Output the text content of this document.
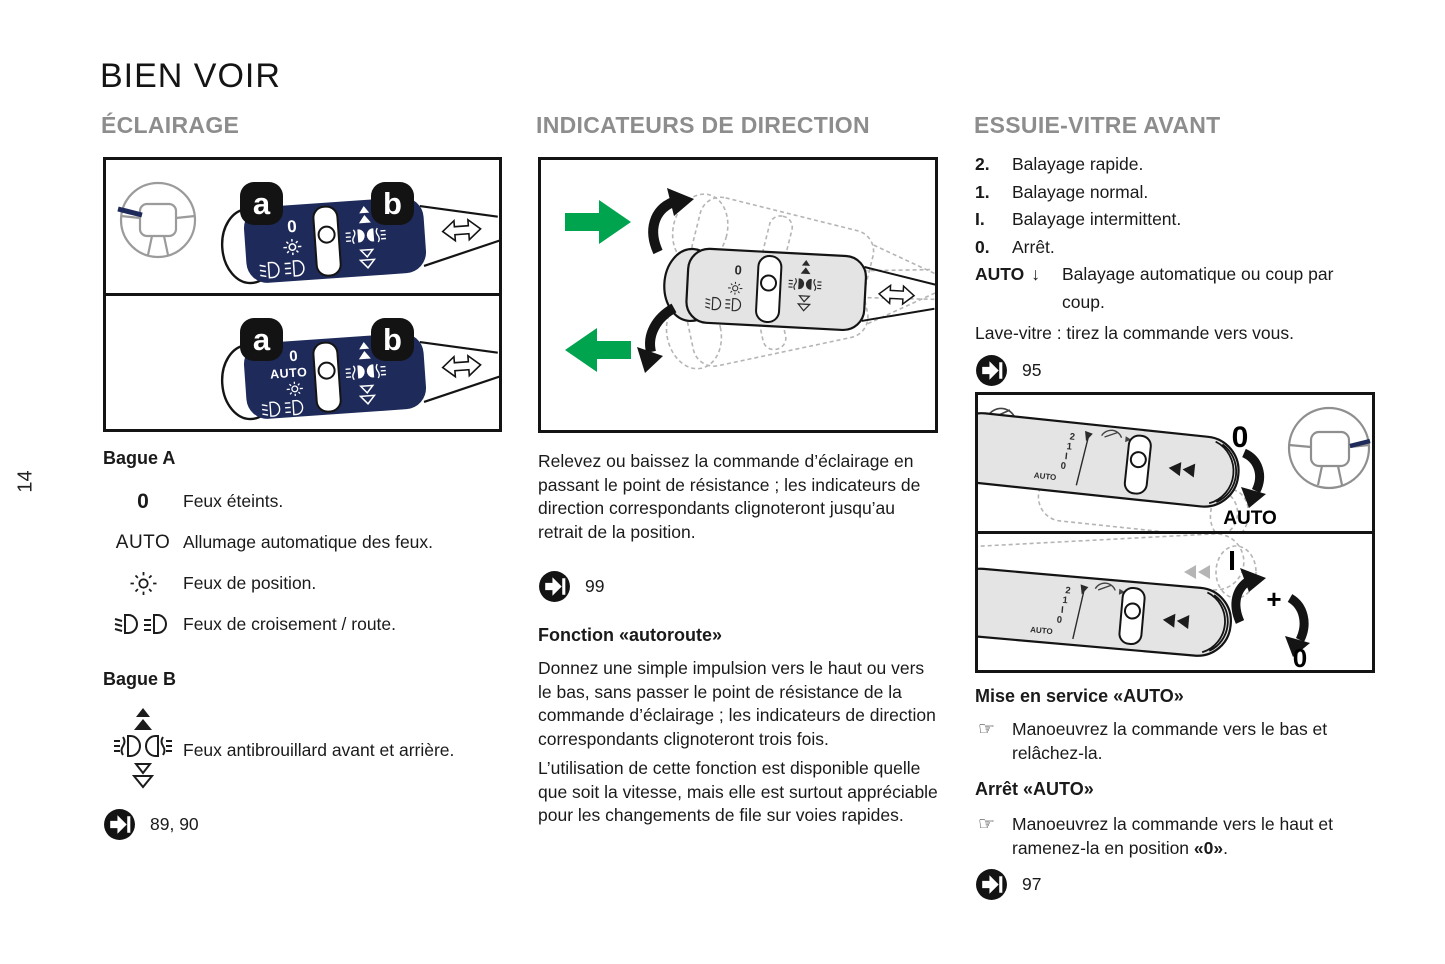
14
BIEN VOIR
ÉCLAIRAGE	INDICATEURS DE DIRECTION	ESSUIE-VITRE AVANT
0
a	b
0
AUTO
a	b
Bague A
0	Feux éteints.
AUTO Allumage automatique des feux.
Feux de position.
Feux de croisement / route.
Bague B
Feux antibrouillard avant et arrière.
89, 90
0

Relevez ou baissez la commande d’éclairage en passant le point de résistance ; les indicateurs de direction correspondants clignoteront jusqu’au retrait de la position.

99
Fonction «autoroute»

Donnez une simple impulsion vers le haut ou vers le bas, sans passer le point de résistance de la commande d’éclairage ; les indicateurs de direction correspondants clignoteront trois fois.

L’utilisation de cette fonction est disponible quelle que soit la vitesse, mais elle est surtout appréciable pour les changements de file sur voies rapides.

2.	Balayage rapide.
1.	Balayage normal.
I.	Balayage intermittent.
0.	Arrêt.
AUTO ↓	Balayage automatique ou coup par coup.
Lave-vitre : tirez la commande vers vous.
95
2
1
I
0
AUTO
0
AUTO
2
1
I
0
AUTO
I
+
0
Mise en service «AUTO»
☞ Manoeuvrez la commande vers le bas et relâchez-la.
Arrêt «AUTO»
☞ Manoeuvrez la commande vers le haut et ramenez-la en position «0».
97
